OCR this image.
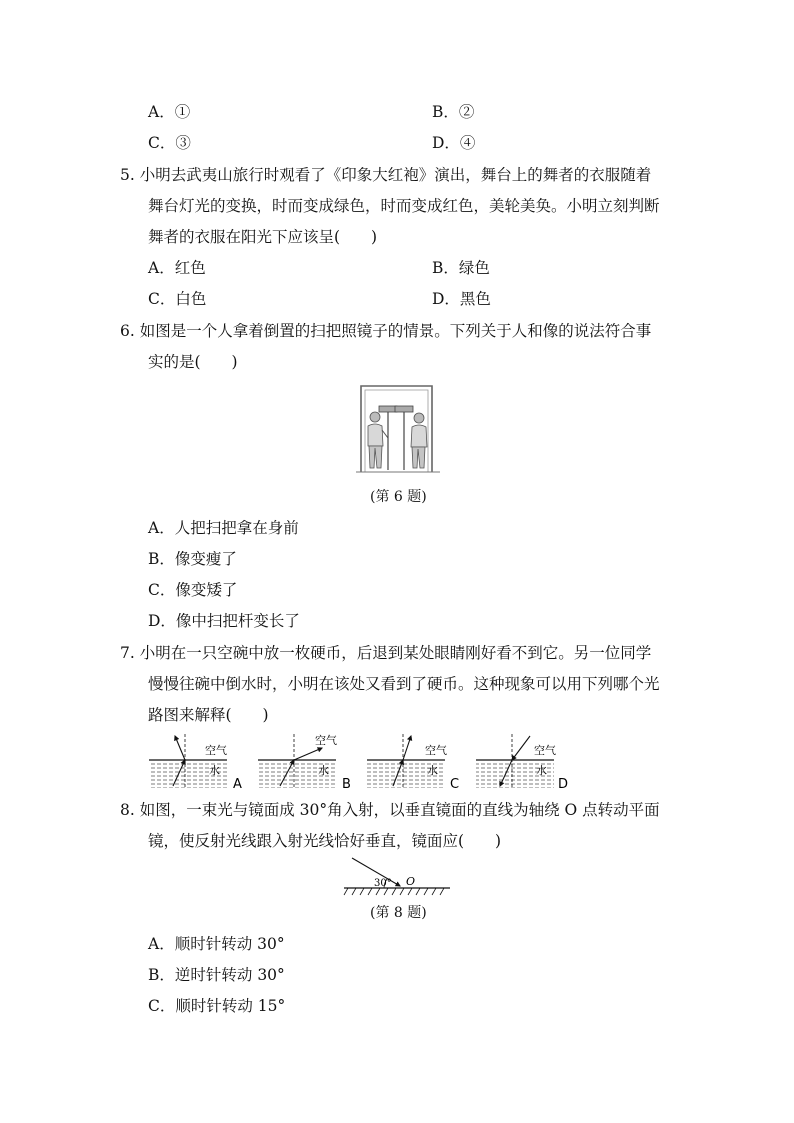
A．①	B．②
C．③	D．④
5. 小明去武夷山旅行时观看了《印象大红袍》演出，舞台上的舞者的衣服随着
舞台灯光的变换，时而变成绿色，时而变成红色，美轮美奂。小明立刻判断
舞者的衣服在阳光下应该呈(　　)
A．红色	B．绿色
C．白色	D．黑色
6. 如图是一个人拿着倒置的扫把照镜子的情景。下列关于人和像的说法符合事
实的是(　　)
(第 6 题)
A．人把扫把拿在身前
B．像变瘦了
C．像变矮了
D．像中扫把杆变长了
7. 小明在一只空碗中放一枚硬币，后退到某处眼睛刚好看不到它。另一位同学
慢慢往碗中倒水时，小明在该处又看到了硬币。这种现象可以用下列哪个光
路图来解释(　　)
空气
水
A
空气
水
B
空气
水
C
空气
水
D
8. 如图，一束光与镜面成 30°角入射，以垂直镜面的直线为轴绕 O 点转动平面
镜，使反射光线跟入射光线恰好垂直，镜面应(　　)
30° O
(第 8 题)
A．顺时针转动 30°
B．逆时针转动 30°
C．顺时针转动 15°
